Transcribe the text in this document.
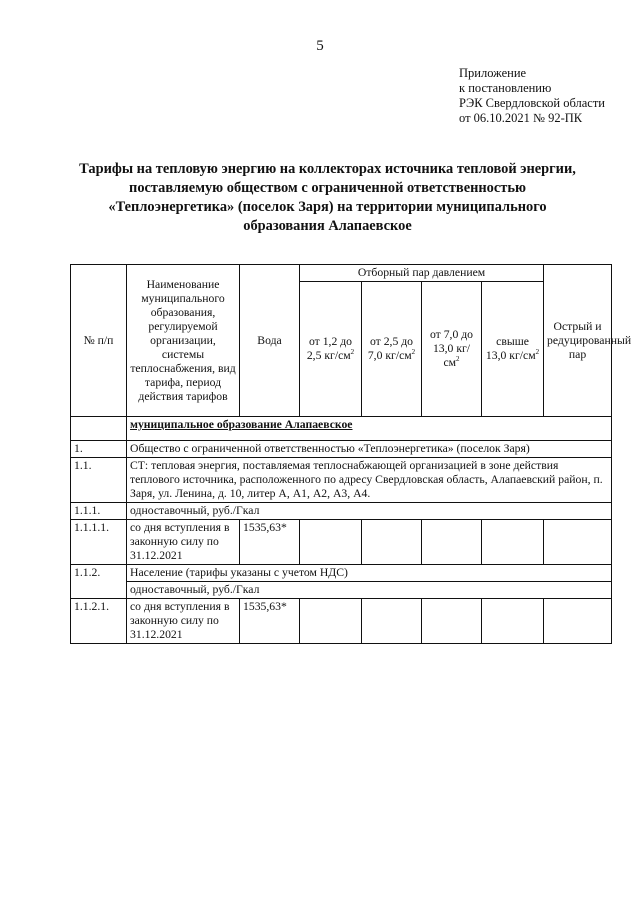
5
Приложение
к постановлению
РЭК Свердловской области
от 06.10.2021 № 92-ПК
Тарифы на тепловую энергию на коллекторах источника тепловой энергии,
поставляемую обществом с ограниченной ответственностью
«Теплоэнергетика» (поселок Заря) на территории муниципального
образования Алапаевское
№ п/п	Наименование муниципального образования, регулируемой организации, системы теплоснабжения, вид тарифа, период действия тарифов	Вода	Отборный пар давлением				Острый и редуцированный пар
			от 1,2 до 2,5 $кг/см^2$	от 2,5 до 7,0 $кг/см^2$	от 7,0 до 13,0 $кг/см^2$	свыше 13,0 $кг/см^2$
	муниципальное образование Алапаевское						
1.	Общество с ограниченной ответственностью «Теплоэнергетика» (поселок Заря)						
1.1.	СТ: тепловая энергия, поставляемая теплоснабжающей организацией в зоне действия теплового источника, расположенного по адресу Свердловская область, Алапаевский район, п. Заря, ул. Ленина, д. 10, литер А, А1, А2, А3, А4.						
1.1.1.	одноставочный, руб./Гкал						
1.1.1.1.	со дня вступления в законную силу по 31.12.2021	1535,63*					
1.1.2.	Население (тарифы указаны с учетом НДС)						
	одноставочный, руб./Гкал						
1.1.2.1.	со дня вступления в законную силу по 31.12.2021	1535,63*					
